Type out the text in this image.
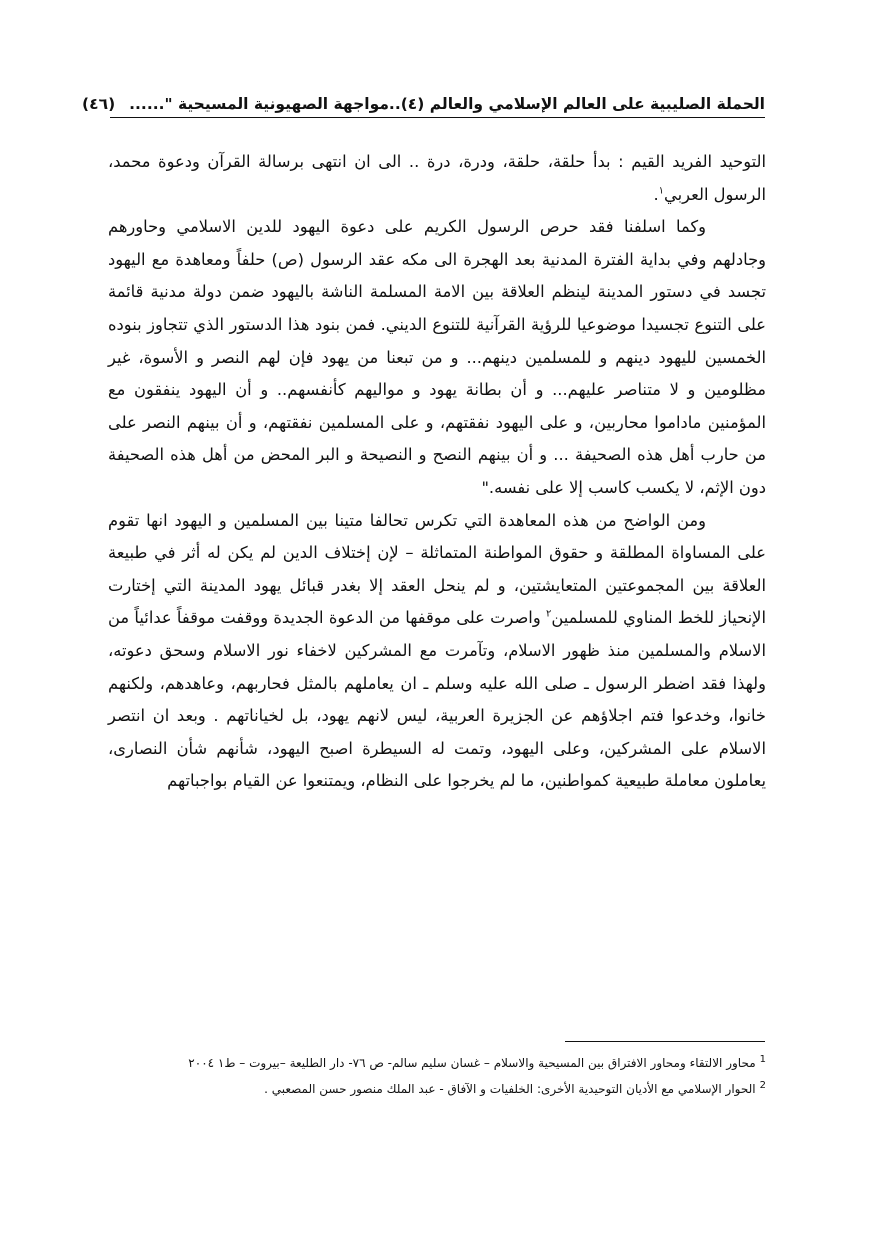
الحملة الصليبية على العالم الإسلامي والعالم (٤)..مواجهة الصهيونية المسيحية "......
(٤٦)

التوحيد الفريد القيم : بدأ حلقة، حلقة، ودرة، درة .. الى ان انتهى برسالة القرآن ودعوة محمد، الرسول العربي$^١$.

وكما اسلفنا فقد حرص الرسول الكريم على دعوة اليهود للدين الاسلامي وحاورهم وجادلهم وفي بداية الفترة المدنية بعد الهجرة الى مكه عقد الرسول (ص) حلفاً ومعاهدة مع اليهود تجسد في دستور المدينة لينظم العلاقة بين الامة المسلمة الناشة باليهود ضمن دولة مدنية قائمة على التنوع تجسيدا موضوعيا للرؤية القرآنية للتنوع الديني. فمن بنود هذا الدستور الذي تتجاوز بنوده الخمسين لليهود دينهم و للمسلمين دينهم... و من تبعنا من يهود فإن لهم النصر و الأسوة، غير مظلومين و لا متناصر عليهم... و أن بطانة يهود و مواليهم كأنفسهم.. و أن اليهود ينفقون مع المؤمنين ماداموا محاربين، و على اليهود نفقتهم، و على المسلمين نفقتهم، و أن بينهم النصر على من حارب أهل هذه الصحيفة ... و أن بينهم النصح و النصيحة و البر المحض من أهل هذه الصحيفة دون الإثم، لا يكسب كاسب إلا على نفسه."

ومن الواضح من هذه المعاهدة التي تكرس تحالفا متينا بين المسلمين و اليهود انها تقوم على المساواة المطلقة و حقوق المواطنة المتماثلة – لإن إختلاف الدين لم يكن له أثر في طبيعة العلاقة بين المجموعتين المتعايشتين، و لم ينحل العقد إلا بغدر قبائل يهود المدينة التي إختارت الإنحياز للخط المناوي للمسلمين$^٢$ واصرت على موقفها من الدعوة الجديدة ووقفت موقفاً عدائياً من الاسلام والمسلمين منذ ظهور الاسلام، وتآمرت مع المشركين لاخفاء نور الاسلام وسحق دعوته، ولهذا فقد اضطر الرسول ـ صلى الله عليه وسلم ـ ان يعاملهم بالمثل فحاربهم، وعاهدهم، ولكنهم خانوا، وخدعوا فتم اجلاؤهم عن الجزيرة العربية، ليس لانهم يهود، بل لخياناتهم . وبعد ان انتصر الاسلام على المشركين، وعلى اليهود، وتمت له السيطرة اصبح اليهود، شأنهم شأن النصارى، يعاملون معاملة طبيعية كمواطنين، ما لم يخرجوا على النظام، ويمتنعوا عن القيام بواجباتهم

$^1$محاور الالتقاء ومحاور الافتراق بين المسيحية والاسلام – غسان سليم سالم- ص ٧٦- دار الطليعة –بيروت – ط١ ٢٠٠٤

$^2$الحوار الإسلامي مع الأديان التوحيدية الأخرى: الخلفيات و الآفاق - عبد الملك منصور حسن المصعبي .
